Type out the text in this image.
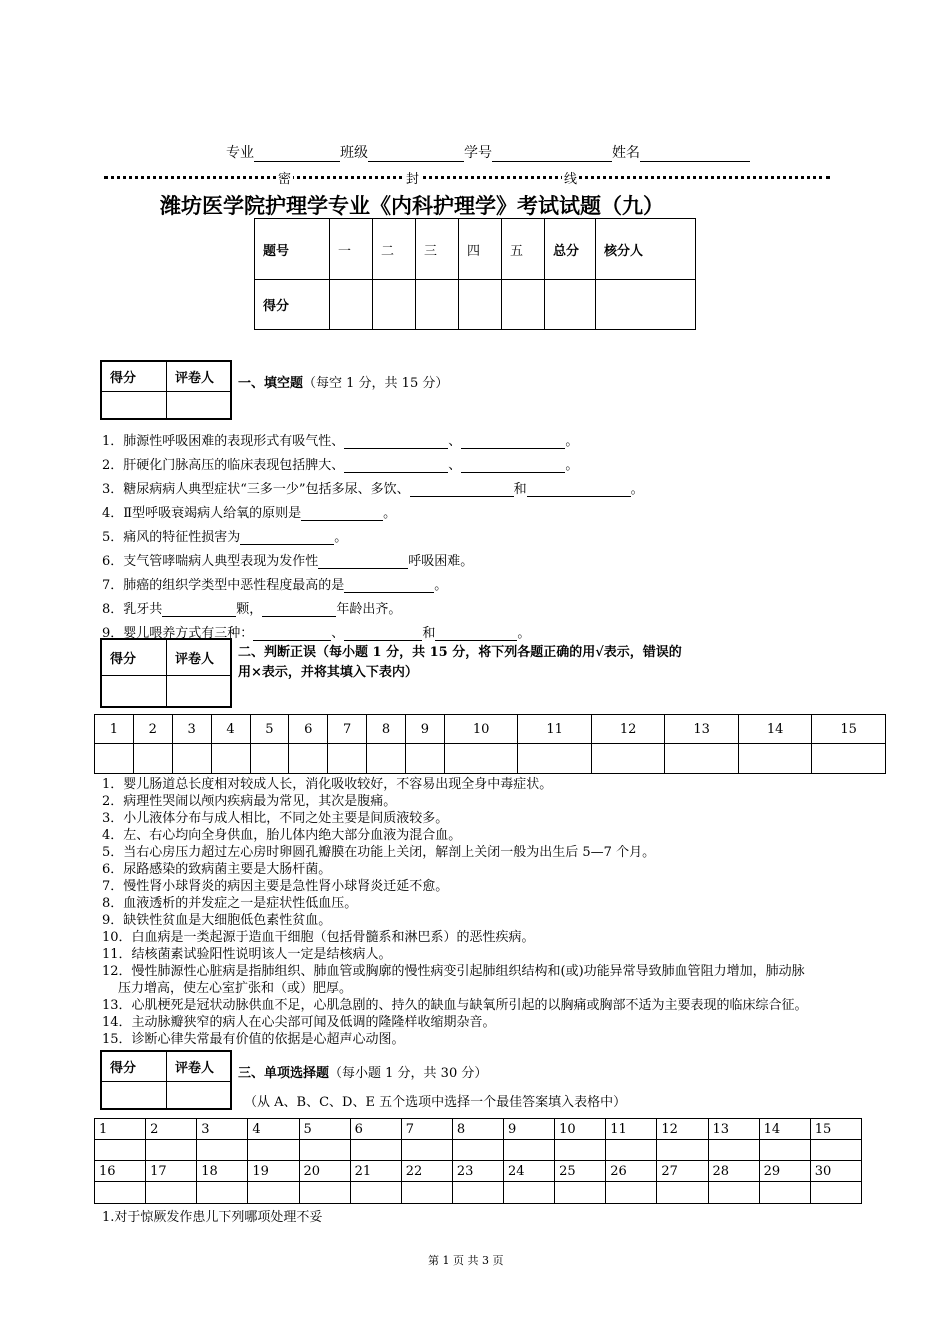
专业	班级	学号	姓名
密	封	线
潍坊医学院护理学专业《内科护理学》考试试题（九）
题号	一	二	三	四	五	总分	核分人
得分							
得分	评卷人
	一、填空题（每空 1 分，共 15 分）
1．肺源性呼吸困难的表现形式有吸气性、	、	。
2．肝硬化门脉高压的临床表现包括脾大、	、	。
3．糖尿病病人典型症状“三多一少”包括多尿、多饮、	和	。
4．Ⅱ型呼吸衰竭病人给氧的原则是	。
5．痛风的特征性损害为	。
6．支气管哮喘病人典型表现为发作性	呼吸困难。
7．肺癌的组织学类型中恶性程度最高的是	。
8．乳牙共	颗，	年龄出齐。
9．婴儿喂养方式有三种：	、	和	。
得分	评卷人
	二、判断正误（每小题 1 分，共 15 分，将下列各题正确的用√表示，错误的
用×表示，并将其填入下表内）
1	2	3	4	5	6	7	8	9	10	11	12	13	14	15

1．婴儿肠道总长度相对较成人长，消化吸收较好，不容易出现全身中毒症状。
2．病理性哭闹以颅内疾病最为常见，其次是腹痛。
3．小儿液体分布与成人相比，不同之处主要是间质液较多。
4．左、右心均向全身供血，胎儿体内绝大部分血液为混合血。
5．当右心房压力超过左心房时卵圆孔瓣膜在功能上关闭，解剖上关闭一般为出生后 5—7 个月。
6．尿路感染的致病菌主要是大肠杆菌。
7．慢性肾小球肾炎的病因主要是急性肾小球肾炎迁延不愈。
8．血液透析的并发症之一是症状性低血压。
9．缺铁性贫血是大细胞低色素性贫血。
10．白血病是一类起源于造血干细胞（包括骨髓系和淋巴系）的恶性疾病。
11．结核菌素试验阳性说明该人一定是结核病人。
12．慢性肺源性心脏病是指肺组织、肺血管或胸廓的慢性病变引起肺组织结构和(或)功能异常导致肺血管阻力增加，肺动脉
压力增高，使左心室扩张和（或）肥厚。
13．心肌梗死是冠状动脉供血不足，心肌急剧的、持久的缺血与缺氧所引起的以胸痛或胸部不适为主要表现的临床综合征。
14．主动脉瓣狭窄的病人在心尖部可闻及低调的隆隆样收缩期杂音。
15．诊断心律失常最有价值的依据是心超声心动图。
得分	评卷人
	三、单项选择题（每小题 1 分，共 30 分）
（从 A、B、C、D、E 五个选项中选择一个最佳答案填入表格中）
1	2	3	4	5	6	7	8	9	10	11	12	13	14	15

16	17	18	19	20	21	22	23	24	25	26	27	28	29	30

1.对于惊厥发作患儿下列哪项处理不妥
第 1 页 共 3 页
